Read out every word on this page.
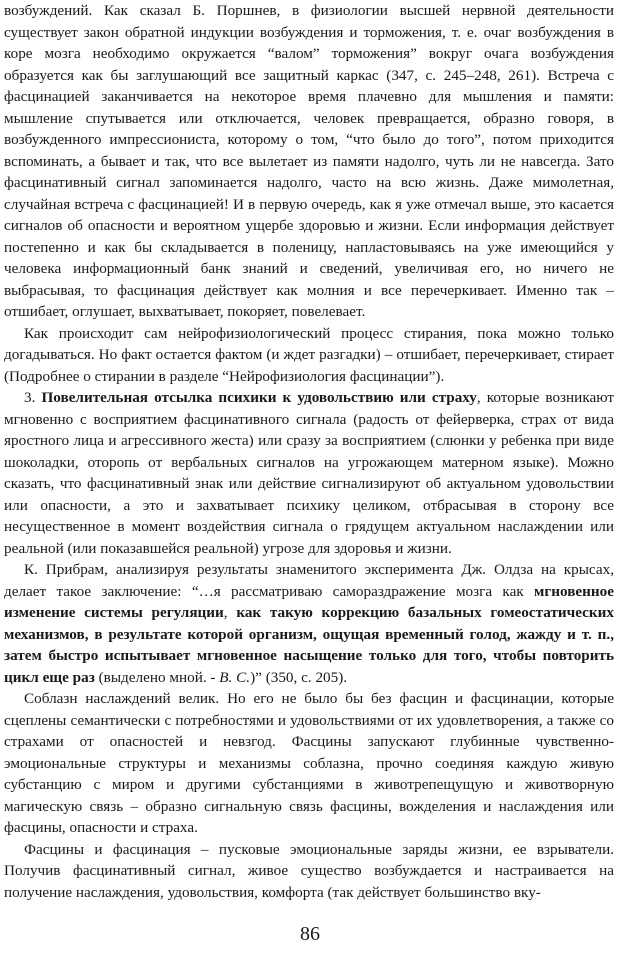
возбуждений. Как сказал Б. Поршнев, в физиологии высшей нервной деятельности существует закон обратной индукции возбуждения и торможения, т. е. очаг возбуждения в коре мозга необходимо окружается “валом” торможения” вокруг очага возбуждения образуется как бы заглушающий все защитный каркас (347, с. 245–248, 261). Встреча с фасцинацией заканчивается на некоторое время плачевно для мышления и памяти: мышление спутывается или отключается, человек превращается, образно говоря, в возбужденного импрессиониста, которому о том, “что было до того”, потом приходится вспоминать, а бывает и так, что все вылетает из памяти надолго, чуть ли не навсегда. Зато фасцинативный сигнал запоминается надолго, часто на всю жизнь. Даже мимолетная, случайная встреча с фасцинацией! И в первую очередь, как я уже отмечал выше, это касается сигналов об опасности и вероятном ущербе здоровью и жизни. Если информация действует постепенно и как бы складывается в поленицу, напластовываясь на уже имеющийся у человека информационный банк знаний и сведений, увеличивая его, но ничего не выбрасывая, то фасцинация действует как молния и все перечеркивает. Именно так – отшибает, оглушает, выхватывает, покоряет, повелевает.

Как происходит сам нейрофизиологический процесс стирания, пока можно только догадываться. Но факт остается фактом (и ждет разгадки) – отшибает, перечеркивает, стирает (Подробнее о стирании в разделе “Нейрофизиология фасцинации”).

3. Повелительная отсылка психики к удовольствию или страху, которые возникают мгновенно с восприятием фасцинативного сигнала (радость от фейерверка, страх от вида яростного лица и агрессивного жеста) или сразу за восприятием (слюнки у ребенка при виде шоколадки, оторопь от вербальных сигналов на угрожающем матерном языке). Можно сказать, что фасцинативный знак или действие сигнализируют об актуальном удовольствии или опасности, а это и захватывает психику целиком, отбрасывая в сторону все несущественное в момент воздействия сигнала о грядущем актуальном наслаждении или реальной (или показавшейся реальной) угрозе для здоровья и жизни.

К. Прибрам, анализируя результаты знаменитого эксперимента Дж. Олдза на крысах, делает такое заключение: “…я рассматриваю самораздражение мозга как мгновенное изменение системы регуляции, как такую коррекцию базальных гомеостатических механизмов, в результате которой организм, ощущая временный голод, жажду и т. п., затем быстро испытывает мгновенное насыщение только для того, чтобы повторить цикл еще раз (выделено мной. - В. С.)” (350, с. 205).

Соблазн наслаждений велик. Но его не было бы без фасцин и фасцинации, которые сцеплены семантически с потребностями и удовольствиями от их удовлетворения, а также со страхами от опасностей и невзгод. Фасцины запускают глубинные чувственно-эмоциональные структуры и механизмы соблазна, прочно соединяя каждую живую субстанцию с миром и другими субстанциями в животрепещущую и животворную магическую связь – образно сигнальную связь фасцины, вожделения и наслаждения или фасцины, опасности и страха.

Фасцины и фасцинация – пусковые эмоциональные заряды жизни, ее взрыватели. Получив фасцинативный сигнал, живое существо возбуждается и настраивается на получение наслаждения, удовольствия, комфорта (так действует большинство вку-

86
